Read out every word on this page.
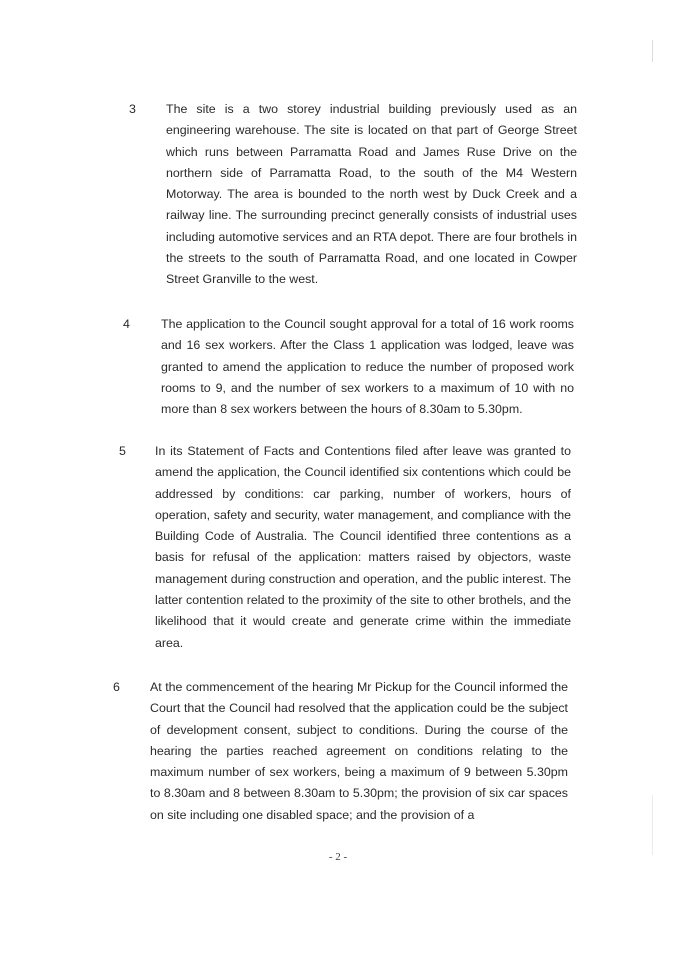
3 The site is a two storey industrial building previously used as an engineering warehouse. The site is located on that part of George Street which runs between Parramatta Road and James Ruse Drive on the northern side of Parramatta Road, to the south of the M4 Western Motorway. The area is bounded to the north west by Duck Creek and a railway line. The surrounding precinct generally consists of industrial uses including automotive services and an RTA depot. There are four brothels in the streets to the south of Parramatta Road, and one located in Cowper Street Granville to the west.
4	The application to the Council sought approval for a total of 16 work rooms and 16 sex workers. After the Class 1 application was lodged, leave was granted to amend the application to reduce the number of proposed work rooms to 9, and the number of sex workers to a maximum of 10 with no more than 8 sex workers between the hours of 8.30am to 5.30pm.
5 In its Statement of Facts and Contentions filed after leave was granted to amend the application, the Council identified six contentions which could be addressed by conditions: car parking, number of workers, hours of operation, safety and security, water management, and compliance with the Building Code of Australia. The Council identified three contentions as a basis for refusal of the application: matters raised by objectors, waste management during construction and operation, and the public interest. The latter contention related to the proximity of the site to other brothels, and the likelihood that it would create and generate crime within the immediate area.
6 At the commencement of the hearing Mr Pickup for the Council informed the Court that the Council had resolved that the application could be the subject of development consent, subject to conditions. During the course of the hearing the parties reached agreement on conditions relating to the maximum number of sex workers, being a maximum of 9 between 5.30pm to 8.30am and 8 between 8.30am to 5.30pm; the provision of six car spaces on site including one disabled space; and the provision of a
- 2 -
